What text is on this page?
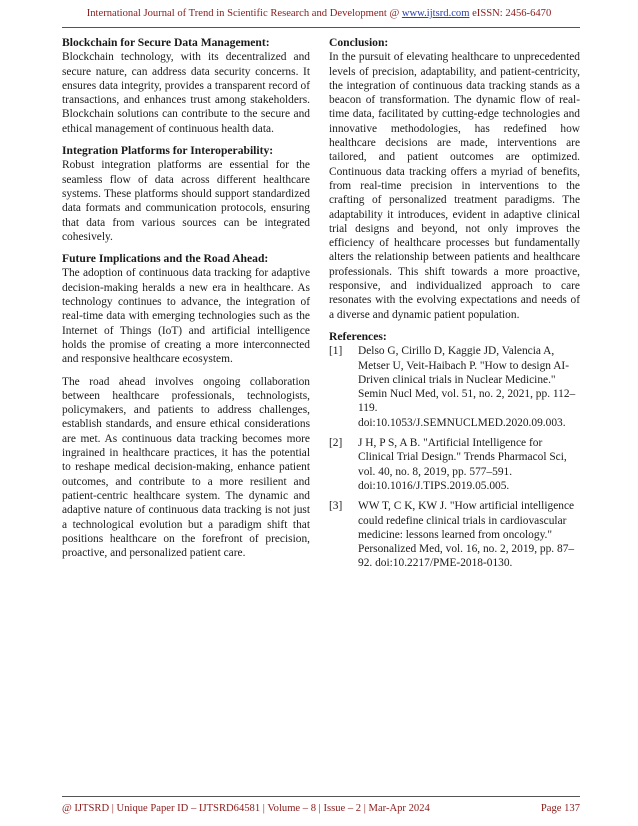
International Journal of Trend in Scientific Research and Development @ www.ijtsrd.com eISSN: 2456-6470
Blockchain for Secure Data Management:

Blockchain technology, with its decentralized and secure nature, can address data security concerns. It ensures data integrity, provides a transparent record of transactions, and enhances trust among stakeholders. Blockchain solutions can contribute to the secure and ethical management of continuous health data.

Integration Platforms for Interoperability:

Robust integration platforms are essential for the seamless flow of data across different healthcare systems. These platforms should support standardized data formats and communication protocols, ensuring that data from various sources can be integrated cohesively.

Future Implications and the Road Ahead:

The adoption of continuous data tracking for adaptive decision-making heralds a new era in healthcare. As technology continues to advance, the integration of real-time data with emerging technologies such as the Internet of Things (IoT) and artificial intelligence holds the promise of creating a more interconnected and responsive healthcare ecosystem.

The road ahead involves ongoing collaboration between healthcare professionals, technologists, policymakers, and patients to address challenges, establish standards, and ensure ethical considerations are met. As continuous data tracking becomes more ingrained in healthcare practices, it has the potential to reshape medical decision-making, enhance patient outcomes, and contribute to a more resilient and patient-centric healthcare system. The dynamic and adaptive nature of continuous data tracking is not just a technological evolution but a paradigm shift that positions healthcare on the forefront of precision, proactive, and personalized patient care.

Conclusion:

In the pursuit of elevating healthcare to unprecedented levels of precision, adaptability, and patient-centricity, the integration of continuous data tracking stands as a beacon of transformation. The dynamic flow of real-time data, facilitated by cutting-edge technologies and innovative methodologies, has redefined how healthcare decisions are made, interventions are tailored, and patient outcomes are optimized. Continuous data tracking offers a myriad of benefits, from real-time precision in interventions to the crafting of personalized treatment paradigms. The adaptability it introduces, evident in adaptive clinical trial designs and beyond, not only improves the efficiency of healthcare processes but fundamentally alters the relationship between patients and healthcare professionals. This shift towards a more proactive, responsive, and individualized approach to care resonates with the evolving expectations and needs of a diverse and dynamic patient population.

References:
[1]	Delso G, Cirillo D, Kaggie JD, Valencia A, Metser U, Veit-Haibach P. "How to design AI-Driven clinical trials in Nuclear Medicine." Semin Nucl Med, vol. 51, no. 2, 2021, pp. 112–119. doi:10.1053/J.SEMNUCLMED.2020.09.003.
[2]	J H, P S, A B. "Artificial Intelligence for Clinical Trial Design." Trends Pharmacol Sci, vol. 40, no. 8, 2019, pp. 577–591. doi:10.1016/J.TIPS.2019.05.005.
[3]	WW T, C K, KW J. "How artificial intelligence could redefine clinical trials in cardiovascular medicine: lessons learned from oncology." Personalized Med, vol. 16, no. 2, 2019, pp. 87–92. doi:10.2217/PME-2018-0130.
@ IJTSRD | Unique Paper ID – IJTSRD64581 | Volume – 8 | Issue – 2 | Mar-Apr 2024	Page 137
